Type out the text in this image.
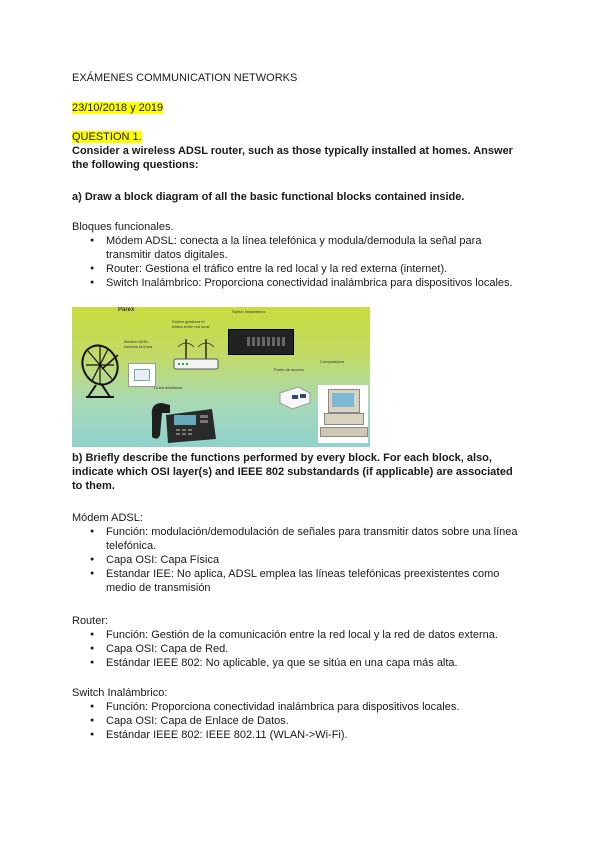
EXÁMENES COMMUNICATION NETWORKS
23/10/2018 y 2019
QUESTION 1.
Consider a wireless ADSL router, such as those typically installed at homes. Answer
the following questions:
a) Draw a block diagram of all the basic functional blocks contained inside.
Bloques funcionales.
● Módem ADSL: conecta a la línea telefónica y modula/demodula la señal para
transmitir datos digitales.
● Router: Gestiona el tráfico entre la red local y la red externa (internet).
● Switch Inalámbrico: Proporciona conectividad inalámbrica para dispositivos locales.
b) Briefly describe the functions performed by every block. For each block, also,
indicate which OSI layer(s) and IEEE 802 substandards (if applicable) are associated
to them.
Módem ADSL:
● Función: modulación/demodulación de señales para transmitir datos sobre una línea
telefónica.
● Capa OSI: Capa Física
● Estandar IEE: No aplica, ADSL emplea las líneas telefónicas preexistentes como
medio de transmisión
Router:
● Función: Gestión de la comunicación entre la red local y la red de datos externa.
● Capa OSI: Capa de Red.
● Estándar IEEE 802: No aplicable, ya que se sitúa en una capa más alta.
Switch Inalámbrico:
● Función: Proporciona conectividad inalámbrica para dispositivos locales.
● Capa OSI: Capa de Enlace de Datos.
● Estándar IEEE 802: IEEE 802.11 (WLAN->Wi-Fi).
Parex
Módem ADSL conecta la línea
Router gestiona el tráfico entre red local
Switch Inalámbrico
Línea telefónica
Punto de acceso
Computadora
